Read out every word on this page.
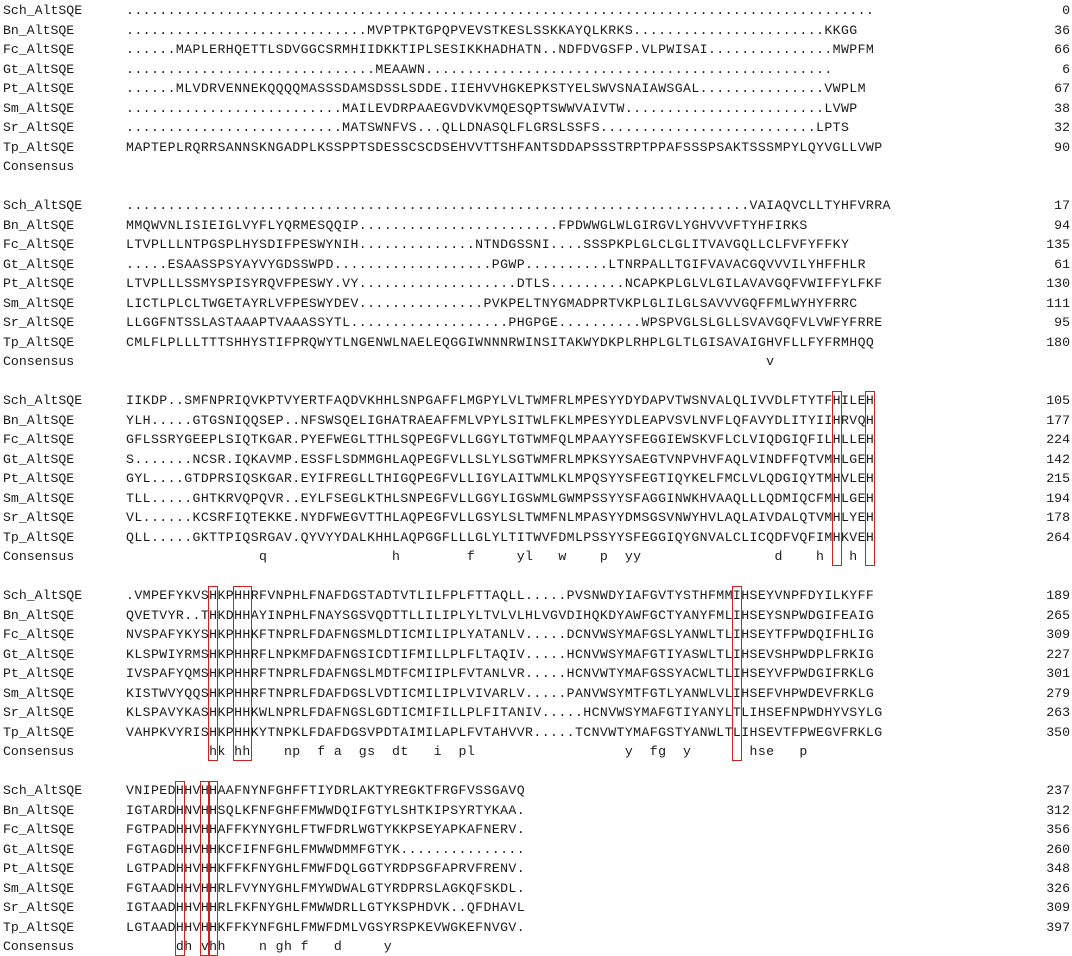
Sch_AltSQE	..........................................................................................	0
Bn_AltSQE	.............................MVPTPKTGPQPVEVSTKESLSSKKAYQLKRKS.......................KKGG	36
Fc_AltSQE	......MAPLERHQETTLSDVGGCSRMHIIDKKTIPLSESIKKHADHATN..NDFDVGSFP.VLPWISAI...............MWPFM	66
Gt_AltSQE	..............................MEAAWN.................................................	6
Pt_AltSQE	......MLVDRVENNEKQQQQMASSSDAMSDSSLSDDE.IIEHVVHGKEPKSTYELSWVSNAIAWSGAL...............VWPLM	67
Sm_AltSQE	..........................MAILEVDRPAAEGVDVKVMQESQPTSWWVAIVTW........................LVWP	38
Sr_AltSQE	..........................MATSWNFVS...QLLDNASQLFLGRSLSSFS..........................LPTS	32
Tp_AltSQE	MAPTEPLRQRRSANNSKNGADPLKSSPPTSDESSCSCDSEHVVTTSHFANTSDDAPSSSTRPTPPAFSSSPSAKTSSSMPYLQYVGLLVWP	90
Consensus
Sch_AltSQE	...........................................................................VAIAQVCLLTYHFVRRA	17
Bn_AltSQE	MMQWVNLISIEIGLVYFLYQRMESQQIP........................FPDWWGLWLGIRGVLYGHVVVFTYHFIRKS	94
Fc_AltSQE	LTVPLLLNTPGSPLHYSDIFPESWYNIH..............NTNDGSSNI....SSSPKPLGLCLGLITVAVGQLLCLFVFYFFKY	135
Gt_AltSQE	.....ESAASSPSYAYVYGDSSWPD...................PGWP..........LTNRPALLTGIFVAVACGQVVVILYHFFHLR	61
Pt_AltSQE	LTVPLLLSSMYSPISYRQVFPESWY.VY...................DTLS.........NCAPKPLGLVLGILAVAVGQFVWIFFYLFKF	130
Sm_AltSQE	LICTLPLCLTWGETAYRLVFPESWYDEV...............PVKPELTNYGMADPRTVKPLGLILGLSAVVVGQFFMLWYHYFRRC	111
Sr_AltSQE	LLGGFNTSSLASTAAAPTVAAASSYTL...................PHGPGE..........WPSPVGLSLGLLSVAVGQFVLVWFYFRRE	95
Tp_AltSQE	CMLFLPLLLTTTSHHYSTIFPRQWYTLNGENWLNAELEQGGIWNNNRWINSITAKWYDKPLRHPLGLTLGISAVAIGHVFLLFYFRMHQQ	180
Consensus	v
Sch_AltSQE	IIKDP..SMFNPRIQVKPTVYERTFAQDVKHHLSNPGAFFLMGPYLVLTWMFRLMPESYYDYDAPVTWSNVALQLIVVDLFTYTFHILEH	105
Bn_AltSQE	YLH.....GTGSNIQQSEP..NFSWSQELIGHATRAEAFFMLVPYLSITWLFKLMPESYYDLEAPVSVLNVFLQFAVYDLITYIIHRVQH	177
Fc_AltSQE	GFLSSRYGEEPLSIQTKGAR.PYEFWEGLTTHLSQPEGFVLLGGYLTGTWMFQLMPAAYYSFEGGIEWSKVFLCLVIQDGIQFILHLLEH	224
Gt_AltSQE	S.......NCSR.IQKAVMP.ESSFLSDMMGHLAQPEGFVLLSLYLSGTWMFRLMPKSYYSAEGTVNPVHVFAQLVINDFFQTVMHLGEH	142
Pt_AltSQE	GYL....GTDPRSIQSKGAR.EYIFREGLLTHIGQPEGFVLLIGYLAITWMLKLMPQSYYSFEGTIQYKELFMCLVLQDGIQYTMHVLEH	215
Sm_AltSQE	TLL.....GHTKRVQPQVR..EYLFSEGLKTHLSNPEGFVLLGGYLIGSWMLGWMPSSYYSFAGGINWKHVAAQLLLQDMIQCFMHLGEH	194
Sr_AltSQE	VL......KCSRFIQTEKKE.NYDFWEGVTTHLAQPEGFVLLGSYLSLTWMFNLMPASYYDMSGSVNWYHVLAQLAIVDALQTVMHLYEH	178
Tp_AltSQE	QLL.....GKTTPIQSRGAV.QYVYYDALKHHLAQPGGFLLLGLYLTITWVFDMLPSSYYSFEGGIQYGNVALCLICQDFVQFIMHKVEH	264
Consensus	q               h        f     yl   w    p  yy                d    h   h
Sch_AltSQE	.VMPEFYKVSHKPHHRFVNPHLFNAFDGSTADTVTLILFPLFTTAQLL.....PVSNWDYIAFGVTYSTHFMMIHSEYVNPFDYILKYFF	189
Bn_AltSQE	QVETVYR..THKDHHAYINPHLFNAYSGSVQDTTLLILIPLYLTVLVLHLVGVDIHQKDYAWFGCTYANYFMLIHSEYSNPWDGIFEAIG	265
Fc_AltSQE	NVSPAFYKYSHKPHHKFTNPRLFDAFNGSMLDTICMILIPLYATANLV.....DCNVWSYMAFGSLYANWLTLIHSEYTFPWDQIFHLIG	309
Gt_AltSQE	KLSPWIYRMSHKPHHRFLNPKMFDAFNGSICDTIFMILLPLFLTAQIV.....HCNVWSYMAFGTIYASWLTLIHSEVSHPWDPLFRKIG	227
Pt_AltSQE	IVSPAFYQMSHKPHHRFTNPRLFDAFNGSLMDTFCMIIPLFVTANLVR.....HCNVWTYMAFGSSYACWLTLIHSEYVFPWDGIFRKLG	301
Sm_AltSQE	KISTWVYQQSHKPHHRFTNPRLFDAFDGSLVDTICMILIPLVIVARLV.....PANVWSYMTFGTLYANWLVLIHSEFVHPWDEVFRKLG	279
Sr_AltSQE	KLSPAVYKASHKPHHKWLNPRLFDAFNGSLGDTICMIFILLPLFITANIV.....HCNVWSYMAFGTIYANYLTLIHSEFNPWDHYVSYLG	263
Tp_AltSQE	VAHPKVYRISHKPHHKYTNPKLFDAFDGSVPDTAIMILAPLFVTAHVVR.....TCNVWTYMAFGSTYANWLTLIHSEVTFPWEGVFRKLG	350
Consensus	hk hh    np  f a  gs  dt   i  pl                  y  fg  y       hse   p
Sch_AltSQE	VNIPEDHHVHHAAFNYNFGHFFTIYDRLAKTYREGKTFRGFVSSGAVQ	237
Bn_AltSQE	IGTARDHNVHHSQLKFNFGHFFMWWDQIFGTYLSHTKIPSYRTYKAA.	312
Fc_AltSQE	FGTPADHHVHHAFFKYNYGHLFTWFDRLWGTYKKPSEYAPKAFNERV.	356
Gt_AltSQE	FGTAGDHHVHHKCFIFNFGHLFMWWDMMFGTYK...............	260
Pt_AltSQE	LGTPADHHVHHKFFKFNYGHLFMWFDQLGGTYRDPSGFAPRVFRENV.	348
Sm_AltSQE	FGTAADHHVHHRLFVYNYGHLFMYWDWALGTYRDPRSLAGKQFSKDL.	326
Sr_AltSQE	IGTAADHHVHHRLFKFNYGHLFMWWDRLLGTYKSPHDVK..QFDHAVL	309
Tp_AltSQE	LGTAADHHVHHKFFKYNFGHLFMWFDMLVGSYRSPKEVWGKEFNVGV.	397
Consensus	dh vhh    n gh f   d     y
